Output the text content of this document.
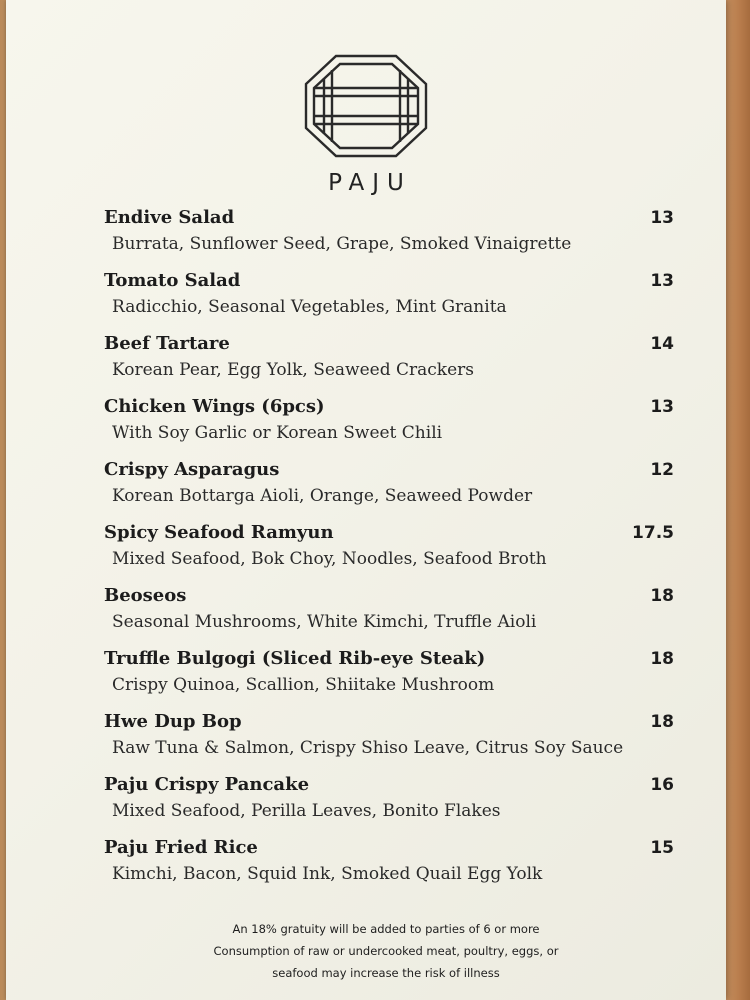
PAJU
Endive Salad
Burrata, Sunflower Seed, Grape, Smoked Vinaigrette
13
Tomato Salad
Radicchio, Seasonal Vegetables, Mint Granita
13
Beef Tartare
Korean Pear, Egg Yolk, Seaweed Crackers
14
Chicken Wings (6pcs)
With Soy Garlic or Korean Sweet Chili
13
Crispy Asparagus
Korean Bottarga Aioli, Orange, Seaweed Powder
12
Spicy Seafood Ramyun
Mixed Seafood, Bok Choy, Noodles, Seafood Broth
17.5
Beoseos
Seasonal Mushrooms, White Kimchi, Truffle Aioli
18
Truffle Bulgogi (Sliced Rib-eye Steak)
Crispy Quinoa, Scallion, Shiitake Mushroom
18
Hwe Dup Bop
Raw Tuna & Salmon, Crispy Shiso Leave, Citrus Soy Sauce
18
Paju Crispy Pancake
Mixed Seafood, Perilla Leaves, Bonito Flakes
16
Paju Fried Rice
Kimchi, Bacon, Squid Ink, Smoked Quail Egg Yolk
15
An 18% gratuity will be added to parties of 6 or more
Consumption of raw or undercooked meat, poultry, eggs, or
seafood may increase the risk of illness
